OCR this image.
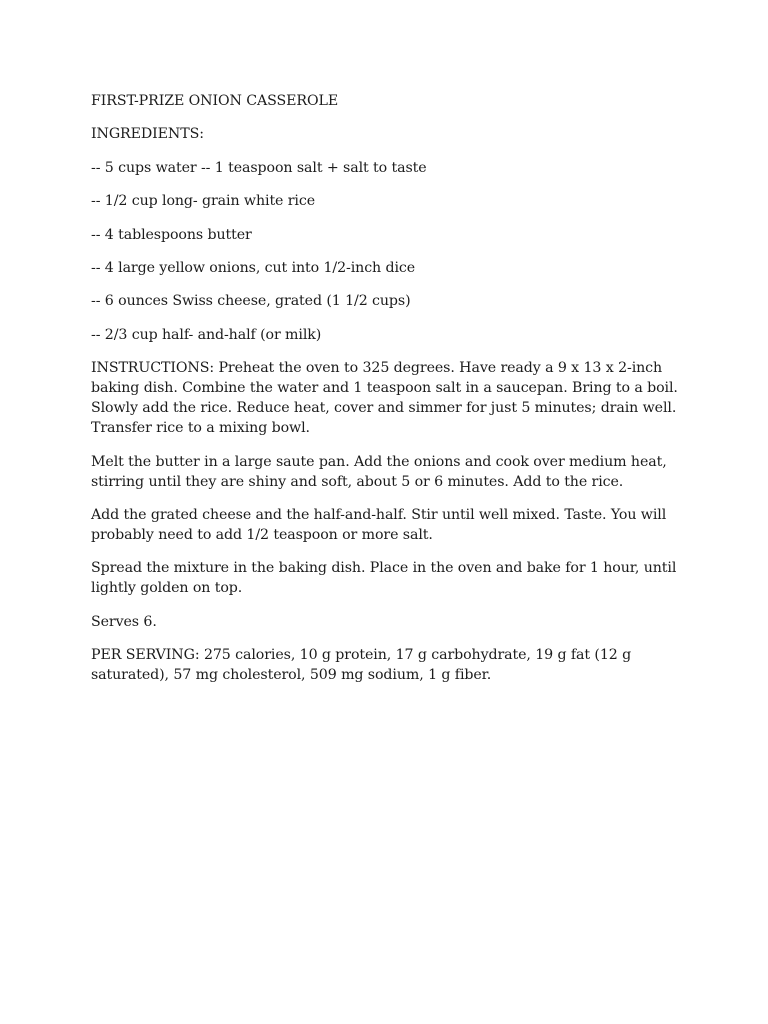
FIRST-PRIZE ONION CASSEROLE

INGREDIENTS:

-- 5 cups water -- 1 teaspoon salt + salt to taste
-- 1/2 cup long- grain white rice
-- 4 tablespoons butter
-- 4 large yellow onions, cut into 1/2-inch dice
-- 6 ounces Swiss cheese, grated (1 1/2 cups)
-- 2/3 cup half- and-half (or milk)

INSTRUCTIONS: Preheat the oven to 325 degrees. Have ready a 9 x 13 x 2-inch baking dish. Combine the water and 1 teaspoon salt in a saucepan. Bring to a boil. Slowly add the rice. Reduce heat, cover and simmer for just 5 minutes; drain well. Transfer rice to a mixing bowl.

Melt the butter in a large saute pan. Add the onions and cook over medium heat, stirring until they are shiny and soft, about 5 or 6 minutes. Add to the rice.

Add the grated cheese and the half-and-half. Stir until well mixed. Taste. You will probably need to add 1/2 teaspoon or more salt.

Spread the mixture in the baking dish. Place in the oven and bake for 1 hour, until lightly golden on top.

Serves 6.

PER SERVING: 275 calories, 10 g protein, 17 g carbohydrate, 19 g fat (12 g saturated), 57 mg cholesterol, 509 mg sodium, 1 g fiber.
